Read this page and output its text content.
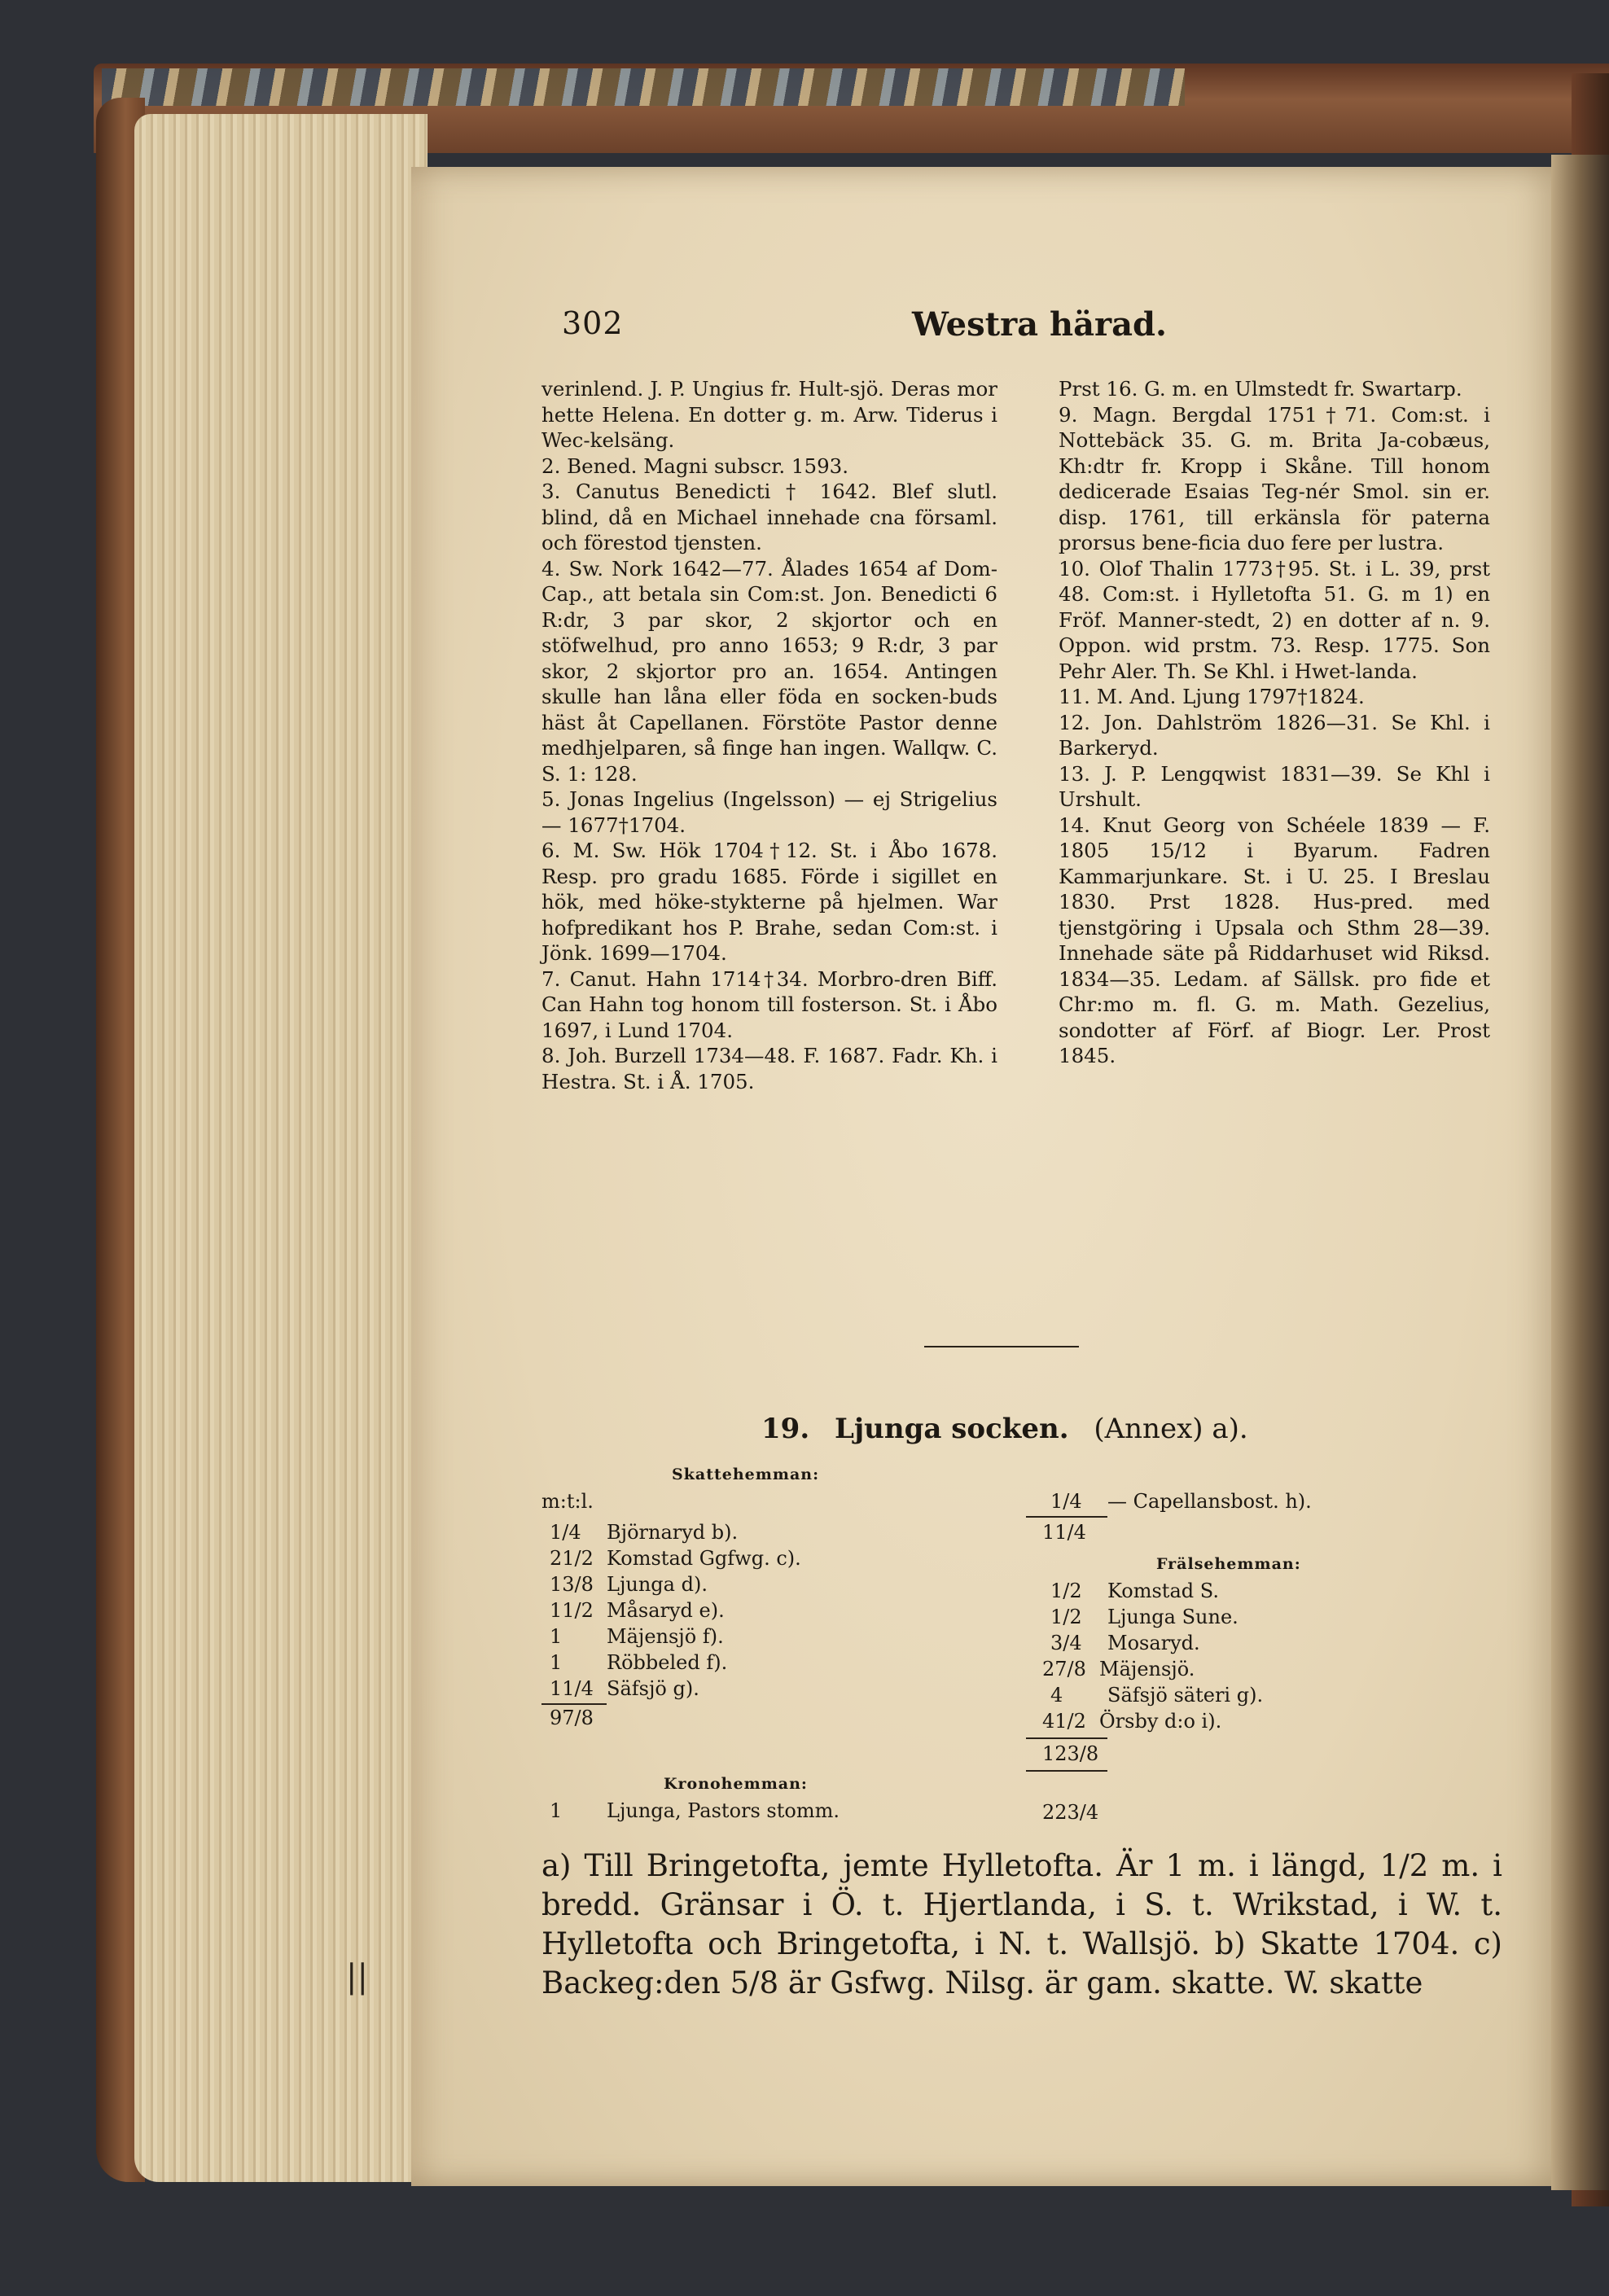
302	Westra härad.

verinlend. J. P. Ungius fr. Hult-sjö. Deras mor hette Helena. En dotter g. m. Arw. Tiderus i Wec-kelsäng.

2. Bened. Magni subscr. 1593.

3. Canutus Benedicti † 1642. Blef slutl. blind, då en Michael innehade cna församl. och förestod tjensten.

4. Sw. Nork 1642—77. Ålades 1654 af Dom-Cap., att betala sin Com:st. Jon. Benedicti 6 R:dr, 3 par skor, 2 skjortor och en stöfwelhud, pro anno 1653; 9 R:dr, 3 par skor, 2 skjortor pro an. 1654. Antingen skulle han låna eller föda en socken-buds häst åt Capellanen. Förstöte Pastor denne medhjelparen, så finge han ingen. Wallqw. C. S. 1: 128.

5. Jonas Ingelius (Ingelsson) — ej Strigelius — 1677†1704.

6. M. Sw. Hök 1704†12. St. i Åbo 1678. Resp. pro gradu 1685. Förde i sigillet en hök, med höke-stykterne på hjelmen. War hofpredikant hos P. Brahe, sedan Com:st. i Jönk. 1699—1704.

7. Canut. Hahn 1714†34. Morbro-dren Biff. Can Hahn tog honom till fosterson. St. i Åbo 1697, i Lund 1704.

8. Joh. Burzell 1734—48. F. 1687. Fadr. Kh. i Hestra. St. i Å. 1705.

Prst 16. G. m. en Ulmstedt fr. Swartarp.

9. Magn. Bergdal 1751†71. Com:st. i Nottebäck 35. G. m. Brita Ja-cobæus, Kh:dtr fr. Kropp i Skåne. Till honom dedicerade Esaias Teg-nér Smol. sin er. disp. 1761, till erkänsla för paterna prorsus bene-ficia duo fere per lustra.

10. Olof Thalin 1773†95. St. i L. 39, prst 48. Com:st. i Hylletofta 51. G. m 1) en Fröf. Manner-stedt, 2) en dotter af n. 9. Oppon. wid prstm. 73. Resp. 1775. Son Pehr Aler. Th. Se Khl. i Hwet-landa.

11. M. And. Ljung 1797†1824.

12. Jon. Dahlström 1826—31. Se Khl. i Barkeryd.

13. J. P. Lengqwist 1831—39. Se Khl i Urshult.

14. Knut Georg von Schéele 1839 — F. 1805 15/12 i Byarum. Fadren Kammarjunkare. St. i U. 25. I Breslau 1830. Prst 1828. Hus-pred. med tjenstgöring i Upsala och Sthm 28—39. Innehade säte på Riddarhuset wid Riksd. 1834—35. Ledam. af Sällsk. pro fide et Chr:mo m. fl. G. m. Math. Gezelius, sondotter af Förf. af Biogr. Ler. Prost 1845.

19. Ljunga socken. (Annex) a).
Skattehemman:
m:t:l.
1/4 Björnaryd b).
21/2 Komstad Ggfwg. c).
13/8 Ljunga d).
11/2 Måsaryd e).
1 Mäjensjö f).
1 Röbbeled f).
11/4 Säfsjö g).
97/8
Kronohemman:
1 Ljunga, Pastors stomm.
1/4 — Capellansbost. h).
11/4
Frälsehemman:
1/2 Komstad S.
1/2 Ljunga Sune.
3/4 Mosaryd.
27/8 Mäjensjö.
4 Säfsjö säteri g).
41/2 Örsby d:o i).
123/8
223/4
a) Till Bringetofta, jemte Hylletofta. Är 1 m. i längd, 1/2 m. i bredd. Gränsar i Ö. t. Hjertlanda, i S. t. Wrikstad, i W. t. Hylletofta och Bringetofta, i N. t. Wallsjö. b) Skatte 1704. c) Backeg:den 5/8 är Gsfwg. Nilsg. är gam. skatte. W. skatte
||
